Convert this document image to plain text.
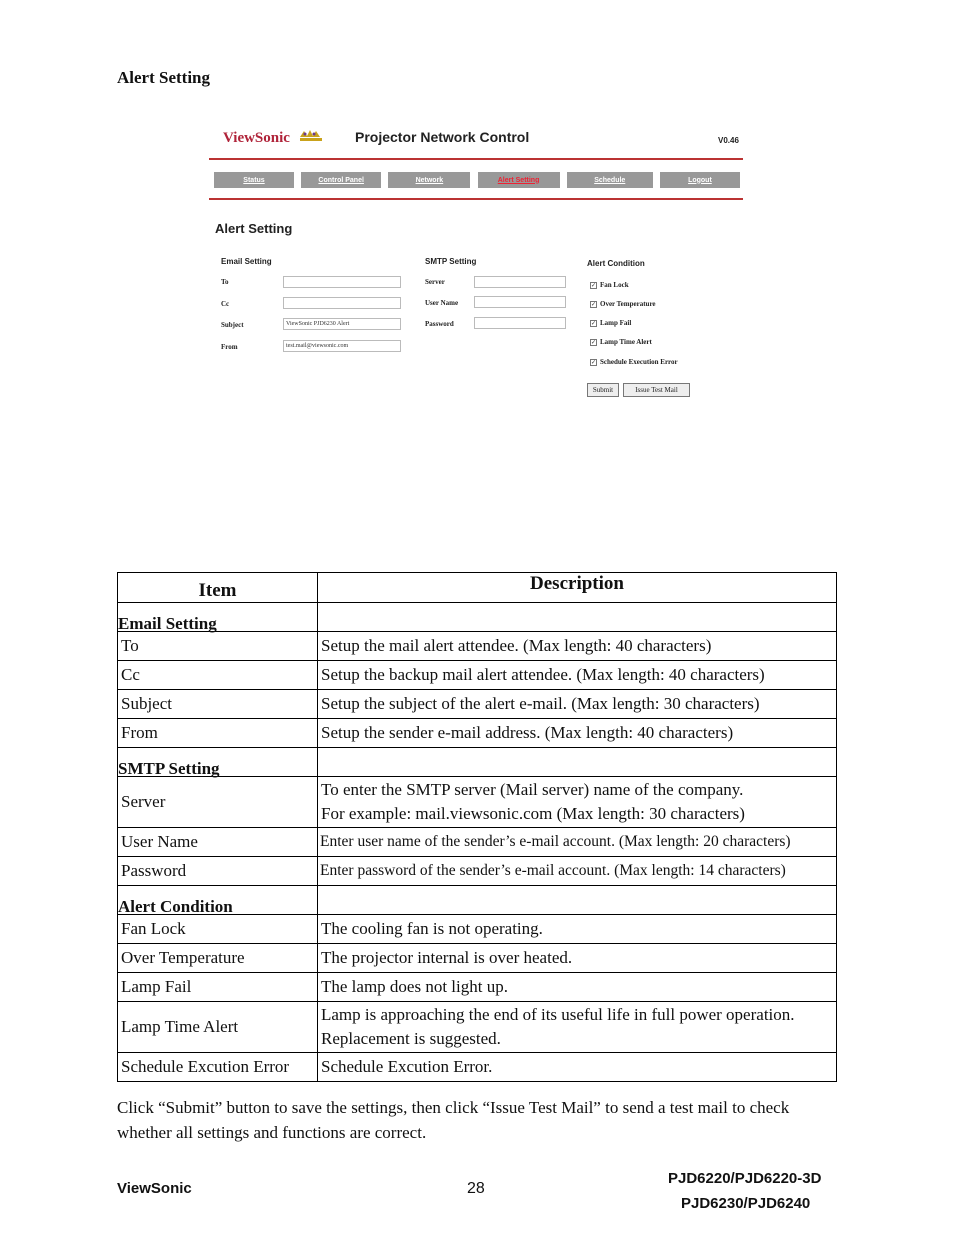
Alert Setting
ViewSonic	Projector Network Control	V0.46
Status	Control Panel	Network	Alert Setting	Schedule	Logout
Alert Setting
Email Setting
To
Cc
Subject	ViewSonic PJD6230 Alert
From	test.mail@viewsonic.com
SMTP Setting
Server
User Name
Password
Alert Condition
✓ Fan Lock
✓ Over Temperature
✓ Lamp Fail
✓ Lamp Time Alert
✓ Schedule Execution Error
Submit	Issue Test Mail
Item	Description
Email Setting	
To	Setup the mail alert attendee. (Max length: 40 characters)
Cc	Setup the backup mail alert attendee. (Max length: 40 characters)
Subject	Setup the subject of the alert e-mail. (Max length: 30 characters)
From	Setup the sender e-mail address. (Max length: 40 characters)
SMTP Setting	
Server	To enter the SMTP server (Mail server) name of the company.
For example: mail.viewsonic.com (Max length: 30 characters)

User Name	Enter user name of the sender’s e-mail account. (Max length: 20 characters)
Password	Enter password of the sender’s e-mail account. (Max length: 14 characters)
Alert Condition	
Fan Lock	The cooling fan is not operating.
Over Temperature	The projector internal is over heated.
Lamp Fail	The lamp does not light up.
Lamp Time Alert	Lamp is approaching the end of its useful life in full power operation.
Replacement is suggested.

Schedule Excution Error	Schedule Excution Error.
Click “Submit” button to save the settings, then click “Issue Test Mail” to send a test mail to check whether all settings and functions are correct.
ViewSonic	28
PJD6220/PJD6220-3D
PJD6230/PJD6240
